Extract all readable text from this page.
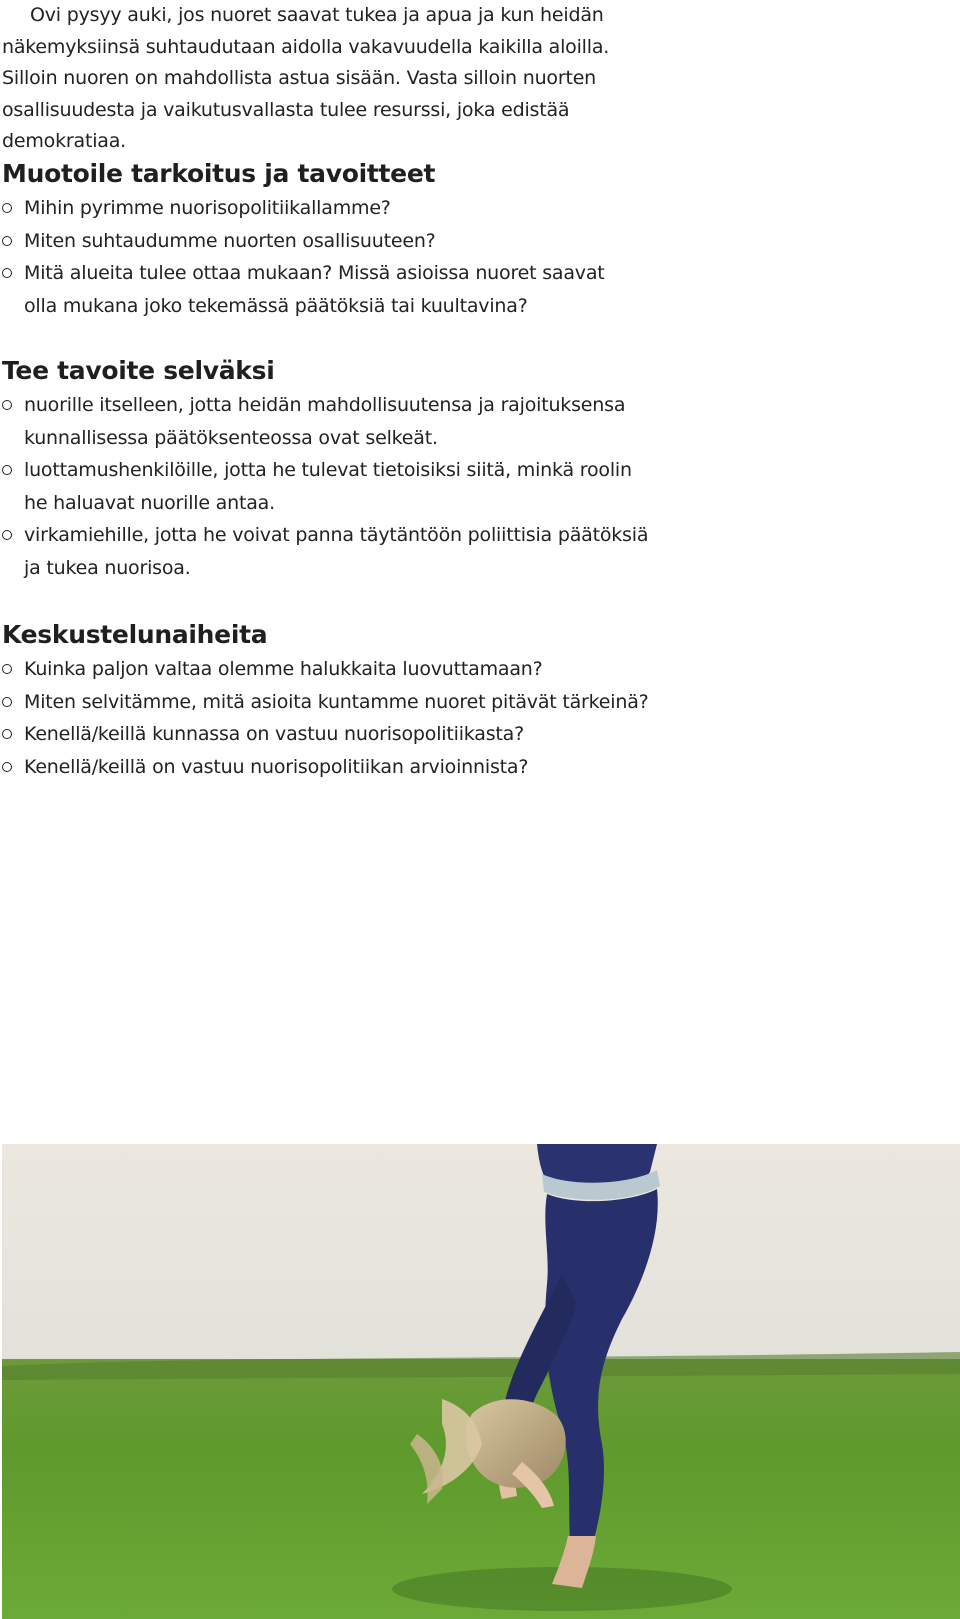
Ovi pysyy auki, jos nuoret saavat tukea ja apua ja kun heidän näkemyksiinsä suhtaudutaan aidolla vakavuudella kaikilla aloilla. Silloin nuoren on mahdollista astua sisään. Vasta silloin nuorten osallisuudesta ja vaikutusvallasta tulee resurssi, joka edistää demokratiaa.

Muotoile tarkoitus ja tavoitteet
Mihin pyrimme nuorisopolitiikallamme?
Miten suhtaudumme nuorten osallisuuteen?
Mitä alueita tulee ottaa mukaan? Missä asioissa nuoret saavat olla mukana joko tekemässä päätöksiä tai kuultavina?
Tee tavoite selväksi
nuorille itselleen, jotta heidän mahdollisuutensa ja rajoituksensa kunnallisessa päätöksenteossa ovat selkeät.
luottamushenkilöille, jotta he tulevat tietoisiksi siitä, minkä roolin he haluavat nuorille antaa.
virkamiehille, jotta he voivat panna täytäntöön poliittisia päätöksiä ja tukea nuorisoa.
Keskustelunaiheita
Kuinka paljon valtaa olemme halukkaita luovuttamaan?
Miten selvitämme, mitä asioita kuntamme nuoret pitävät tärkeinä?
Kenellä/keillä kunnassa on vastuu nuorisopolitiikasta?
Kenellä/keillä on vastuu nuorisopolitiikan arvioinnista?
